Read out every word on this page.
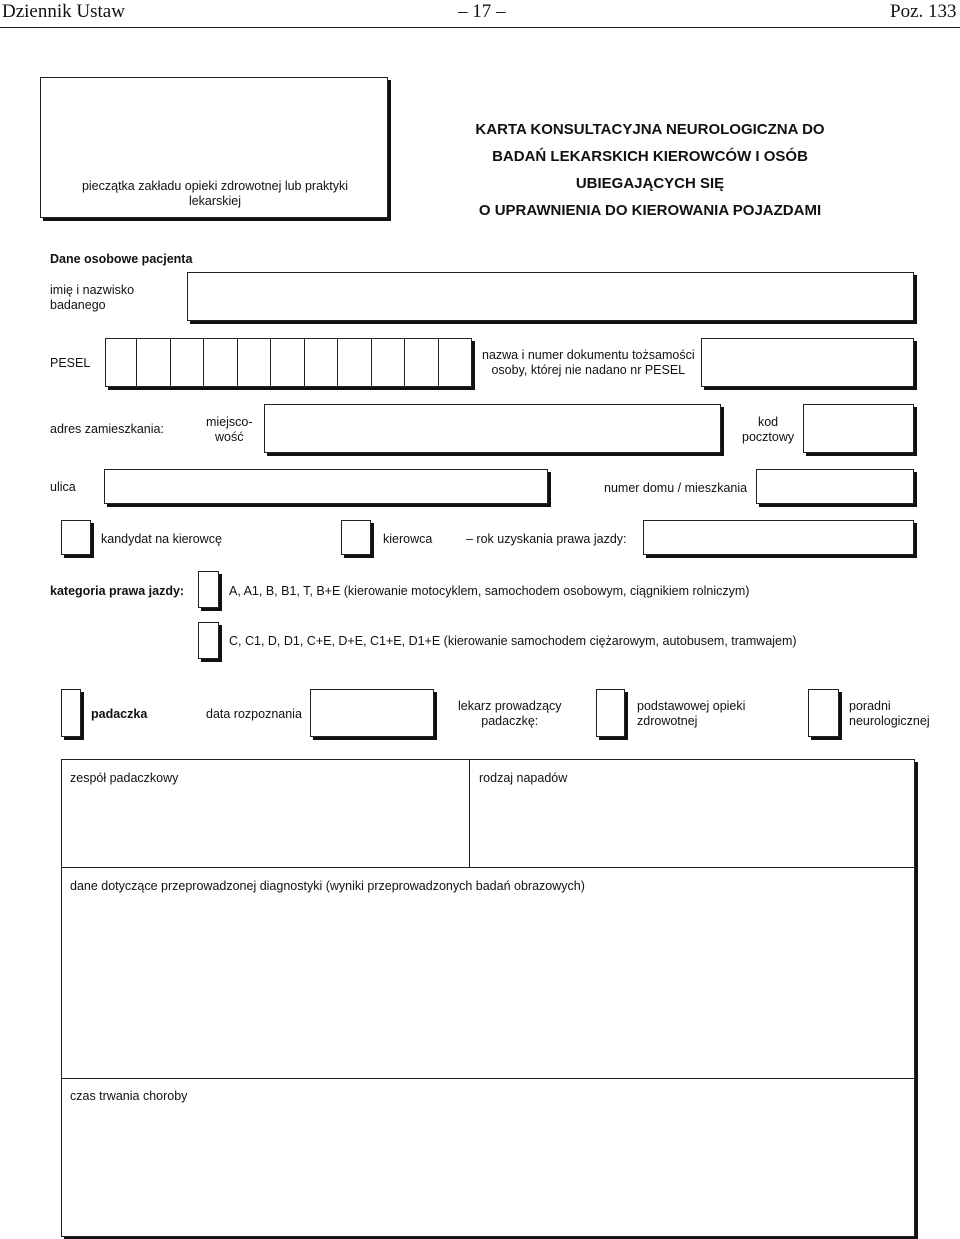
Dziennik Ustaw	– 17 –	Poz. 133
pieczątka zakładu opieki zdrowotnej lub praktyki
lekarskiej
KARTA KONSULTACYJNA NEUROLOGICZNA DO
BADAŃ LEKARSKICH KIEROWCÓW I OSÓB
UBIEGAJĄCYCH SIĘ
O UPRAWNIENIA DO KIEROWANIA POJAZDAMI
Dane osobowe pacjenta
imię i nazwisko
badanego
PESEL
nazwa i numer dokumentu tożsamości
osoby, której nie nadano nr PESEL
adres zamieszkania:	miejsco-
wość
kod
pocztowy
ulica	numer domu / mieszkania
kandydat na kierowcę	kierowca	– rok uzyskania prawa jazdy:
kategoria prawa jazdy:	A, A1, B, B1, T, B+E (kierowanie motocyklem, samochodem osobowym, ciągnikiem rolniczym)
C, C1, D, D1, C+E, D+E, C1+E, D1+E (kierowanie samochodem ciężarowym, autobusem, tramwajem)
padaczka	data rozpoznania
lekarz prowadzący
padaczkę:
podstawowej opieki
zdrowotnej
poradni
neurologicznej
zespół padaczkowy	rodzaj napadów
dane dotyczące przeprowadzonej diagnostyki (wyniki przeprowadzonych badań obrazowych)
czas trwania choroby
